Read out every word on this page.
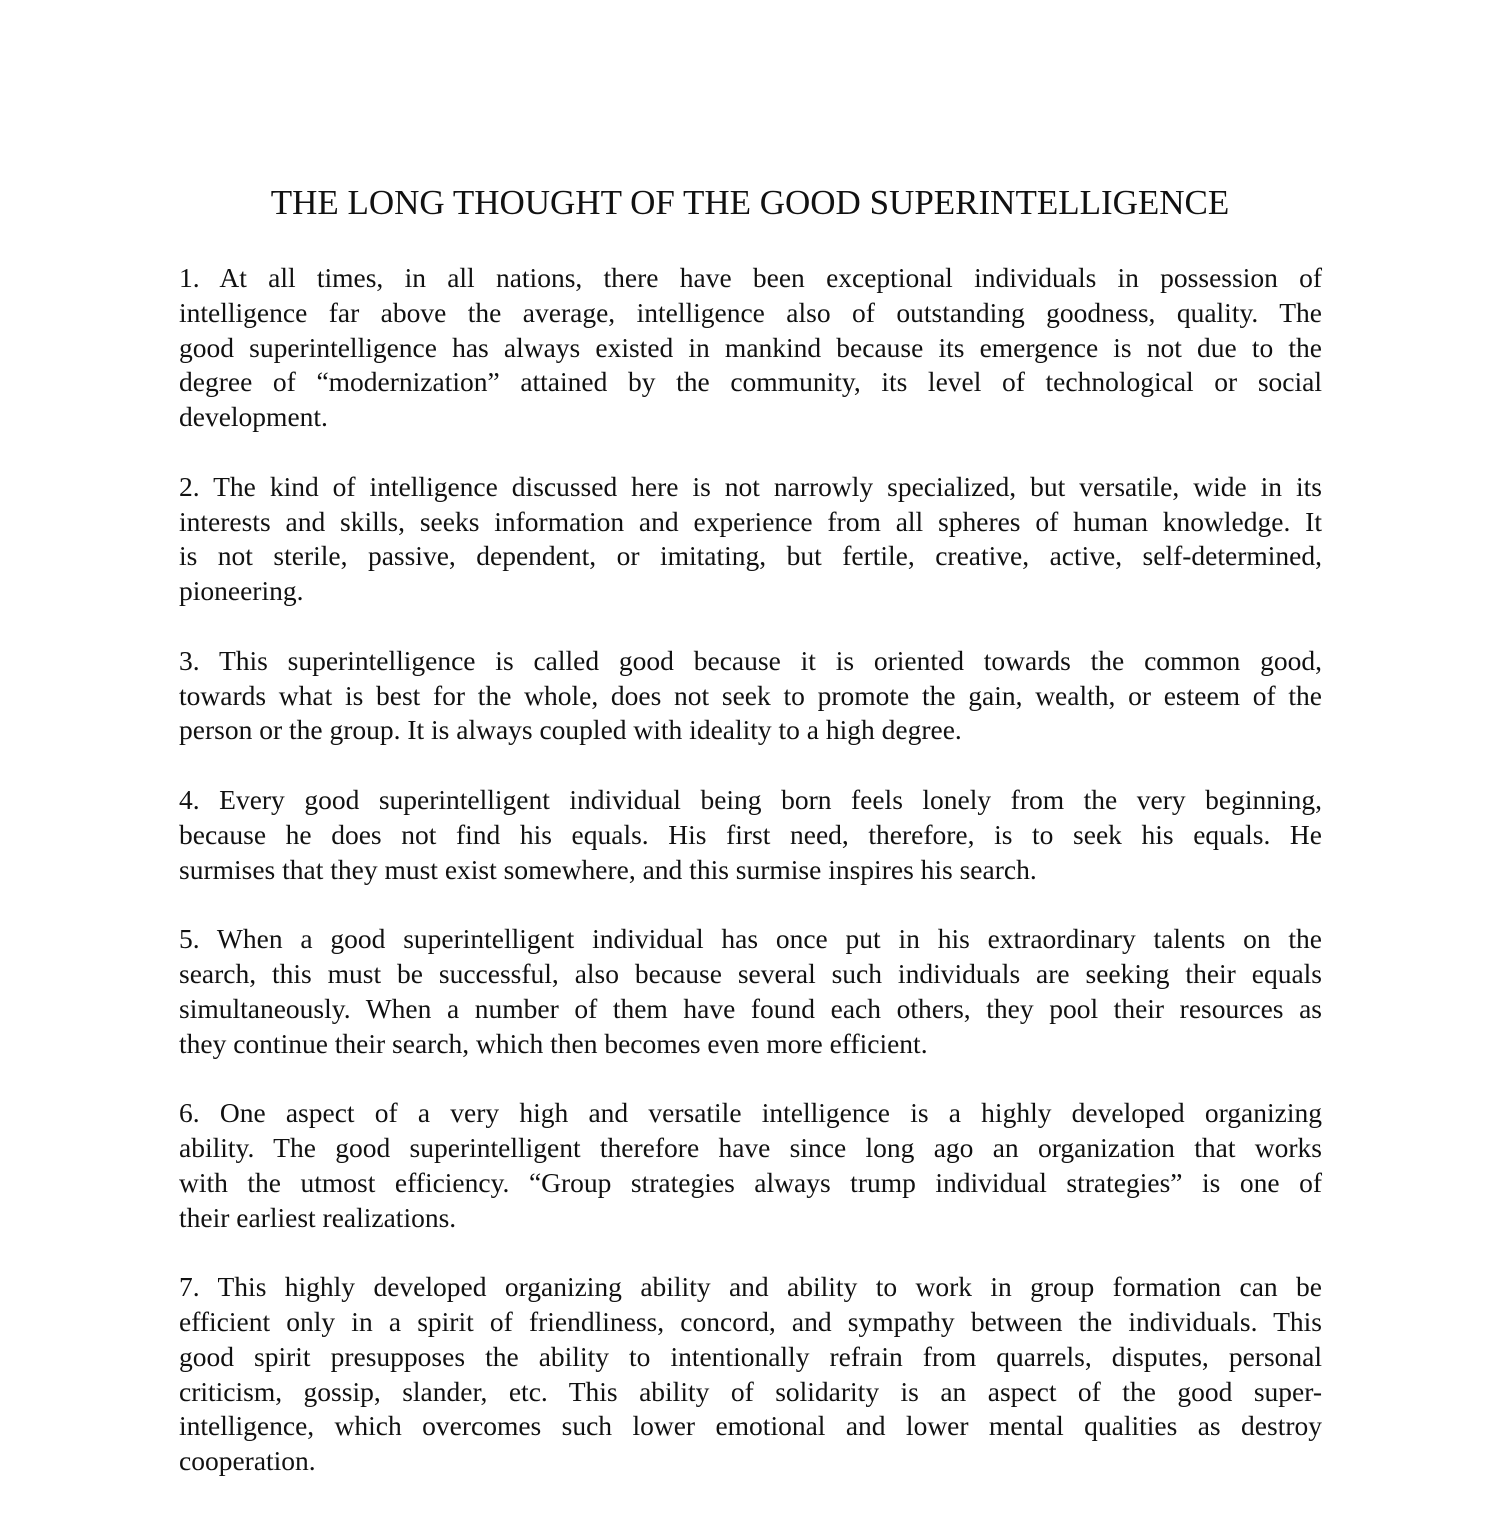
THE LONG THOUGHT OF THE GOOD SUPERINTELLIGENCE
1. At all times, in all nations, there have been exceptional individuals in possession of
intelligence far above the average, intelligence also of outstanding goodness, quality. The
good superintelligence has always existed in mankind because its emergence is not due to the
degree of “modernization” attained by the community, its level of technological or social
development.
2. The kind of intelligence discussed here is not narrowly specialized, but versatile, wide in its
interests and skills, seeks information and experience from all spheres of human knowledge. It
is not sterile, passive, dependent, or imitating, but fertile, creative, active, self-determined,
pioneering.
3. This superintelligence is called good because it is oriented towards the common good,
towards what is best for the whole, does not seek to promote the gain, wealth, or esteem of the
person or the group. It is always coupled with ideality to a high degree.
4. Every good superintelligent individual being born feels lonely from the very beginning,
because he does not find his equals. His first need, therefore, is to seek his equals. He
surmises that they must exist somewhere, and this surmise inspires his search.
5. When a good superintelligent individual has once put in his extraordinary talents on the
search, this must be successful, also because several such individuals are seeking their equals
simultaneously. When a number of them have found each others, they pool their resources as
they continue their search, which then becomes even more efficient.
6. One aspect of a very high and versatile intelligence is a highly developed organizing
ability. The good superintelligent therefore have since long ago an organization that works
with the utmost efficiency. “Group strategies always trump individual strategies” is one of
their earliest realizations.
7. This highly developed organizing ability and ability to work in group formation can be
efficient only in a spirit of friendliness, concord, and sympathy between the individuals. This
good spirit presupposes the ability to intentionally refrain from quarrels, disputes, personal
criticism, gossip, slander, etc. This ability of solidarity is an aspect of the good super-
intelligence, which overcomes such lower emotional and lower mental qualities as destroy
cooperation.
